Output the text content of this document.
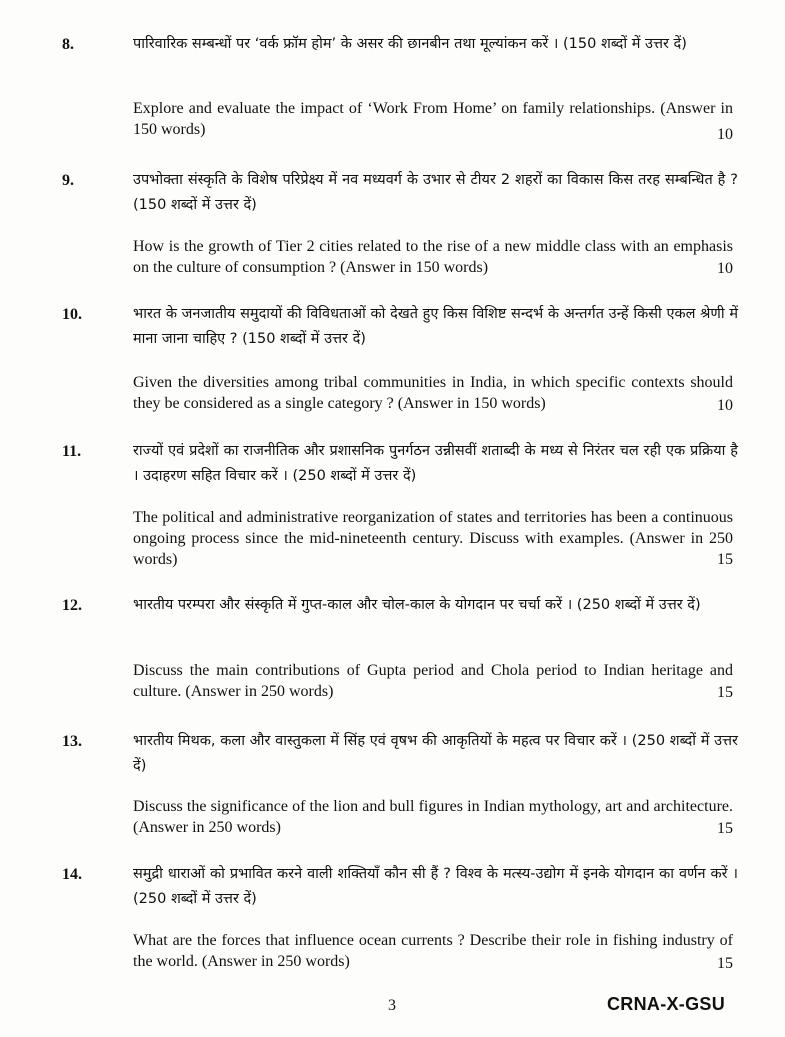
8.	पारिवारिक सम्बन्धों पर ‘वर्क फ्रॉम होम’ के असर की छानबीन तथा मूल्यांकन करें । (150 शब्दों में उत्तर दें)
Explore and evaluate the impact of ‘Work From Home’ on family relationships. (Answer in 150 words)	10
9.	उपभोक्ता संस्कृति के विशेष परिप्रेक्ष्य में नव मध्यवर्ग के उभार से टीयर 2 शहरों का विकास किस तरह सम्बन्धित है ? (150 शब्दों में उत्तर दें)
How is the growth of Tier 2 cities related to the rise of a new middle class with an emphasis on the culture of consumption ? (Answer in 150 words)	10
10.	भारत के जनजातीय समुदायों की विविधताओं को देखते हुए किस विशिष्ट सन्दर्भ के अन्तर्गत उन्हें किसी एकल श्रेणी में माना जाना चाहिए ? (150 शब्दों में उत्तर दें)
Given the diversities among tribal communities in India, in which specific contexts should they be considered as a single category ? (Answer in 150 words)	10
11.	राज्यों एवं प्रदेशों का राजनीतिक और प्रशासनिक पुनर्गठन उन्नीसवीं शताब्दी के मध्य से निरंतर चल रही एक प्रक्रिया है । उदाहरण सहित विचार करें । (250 शब्दों में उत्तर दें)
The political and administrative reorganization of states and territories has been a continuous ongoing process since the mid-nineteenth century. Discuss with examples. (Answer in 250 words)	15
12.	भारतीय परम्परा और संस्कृति में गुप्त-काल और चोल-काल के योगदान पर चर्चा करें । (250 शब्दों में उत्तर दें)
Discuss the main contributions of Gupta period and Chola period to Indian heritage and culture. (Answer in 250 words)	15
13.	भारतीय मिथक, कला और वास्तुकला में सिंह एवं वृषभ की आकृतियों के महत्व पर विचार करें । (250 शब्दों में उत्तर दें)
Discuss the significance of the lion and bull figures in Indian mythology, art and architecture. (Answer in 250 words)	15
14.	समुद्री धाराओं को प्रभावित करने वाली शक्तियाँ कौन सी हैं ? विश्व के मत्स्य-उद्योग में इनके योगदान का वर्णन करें । (250 शब्दों में उत्तर दें)
What are the forces that influence ocean currents ? Describe their role in fishing industry of the world. (Answer in 250 words)	15
3	CRNA-X-GSU
